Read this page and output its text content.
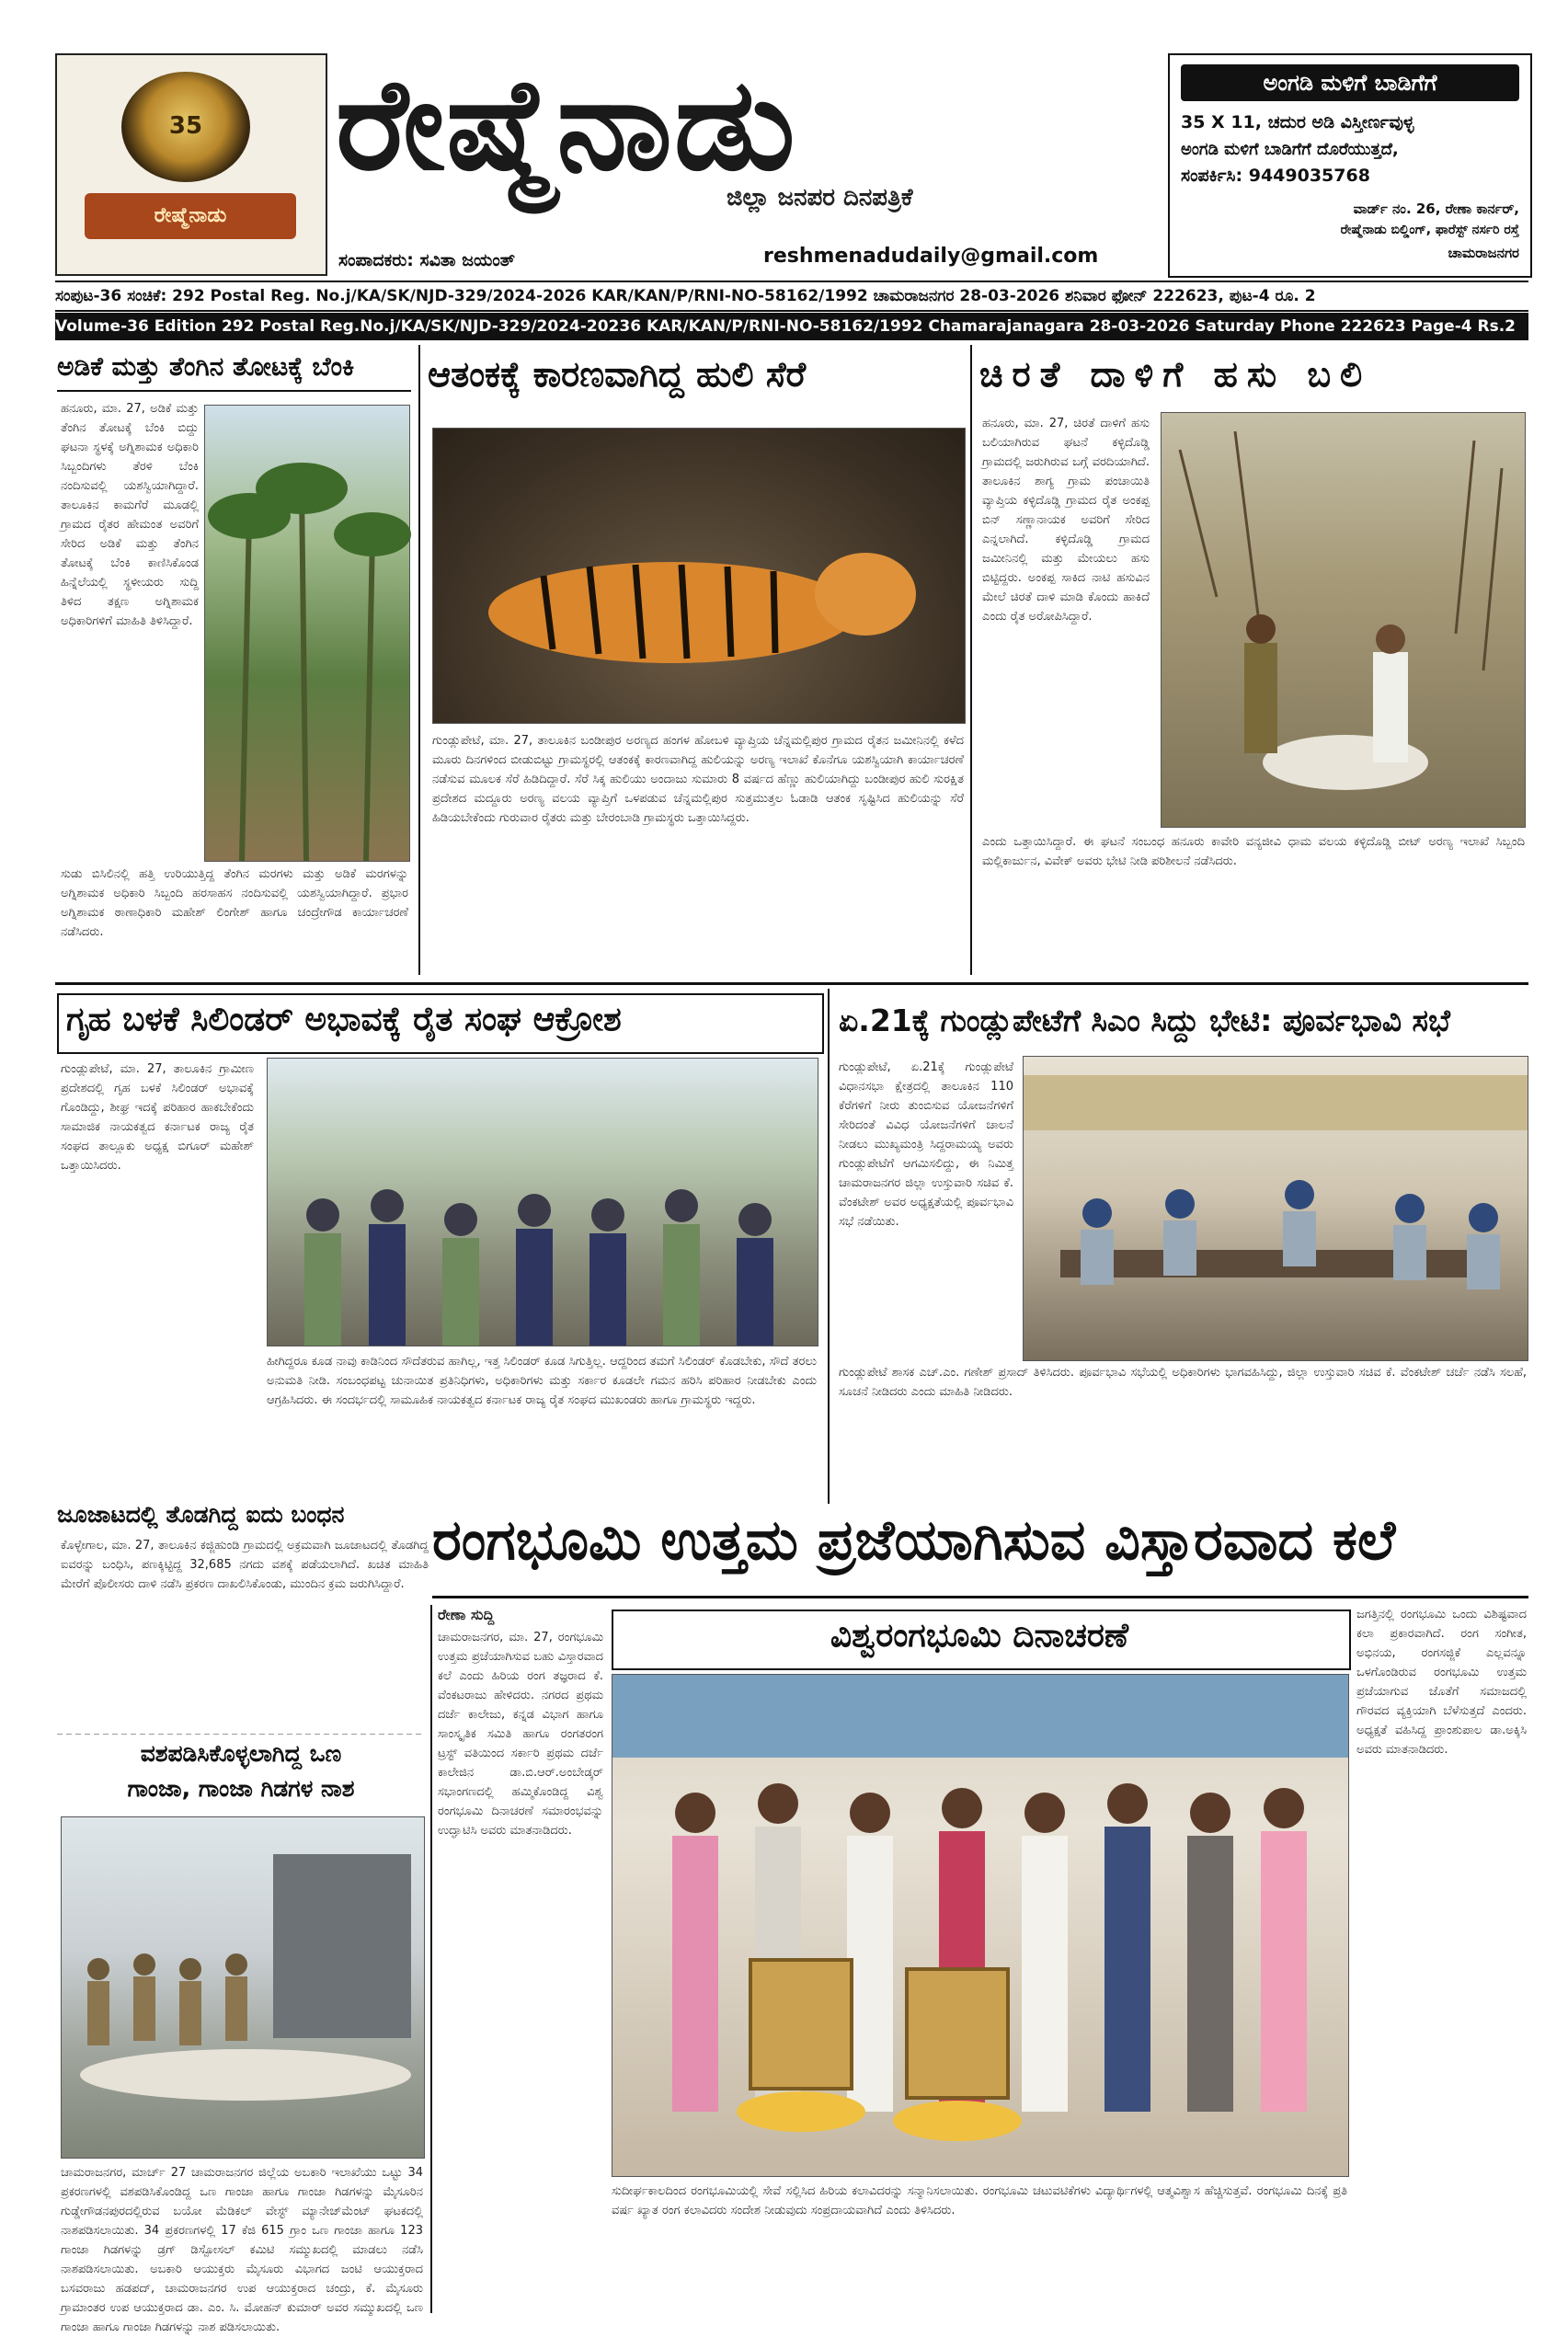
35
ರೇಷ್ಮೆನಾಡು
ರೇಷ್ಮೆನಾಡು
ಜಿಲ್ಲಾ ಜನಪರ ದಿನಪತ್ರಿಕೆ
ಸಂಪಾದಕರು: ಸವಿತಾ ಜಯಂತ್	reshmenadudaily@gmail.com
ಅಂಗಡಿ ಮಳಿಗೆ ಬಾಡಿಗೆಗೆ
35 X 11, ಚದುರ ಅಡಿ ವಿಸ್ತೀರ್ಣವುಳ್ಳ
ಅಂಗಡಿ ಮಳಿಗೆ ಬಾಡಿಗೆಗೆ ದೊರೆಯುತ್ತದೆ,
ಸಂಪರ್ಕಿಸಿ: 9449035768
ವಾರ್ಡ್ ನಂ. 26, ರೇಣಾ ಕಾರ್ನರ್,
ರೇಷ್ಮೆನಾಡು ಬಿಲ್ಡಿಂಗ್, ಫಾರೆಸ್ಟ್ ನರ್ಸರಿ ರಸ್ತೆ
ಚಾಮರಾಜನಗರ
ಸಂಪುಟ-36 ಸಂಚಿಕೆ: 292 Postal Reg. No.j/KA/SK/NJD-329/2024-2026 KAR/KAN/P/RNI-NO-58162/1992 ಚಾಮರಾಜನಗರ 28-03-2026 ಶನಿವಾರ ಫೋನ್ 222623, ಪುಟ-4 ರೂ. 2
Volume-36 Edition 292 Postal Reg.No.j/KA/SK/NJD-329/2024-20236 KAR/KAN/P/RNI-NO-58162/1992 Chamarajanagara 28-03-2026 Saturday Phone 222623 Page-4 Rs.2
ಅಡಿಕೆ ಮತ್ತು ತೆಂಗಿನ ತೋಟಕ್ಕೆ ಬೆಂಕಿ
ಹನೂರು, ಮಾ. 27, ಅಡಿಕೆ ಮತ್ತು ತೆಂಗಿನ ತೋಟಕ್ಕೆ ಬೆಂಕಿ ಬಿದ್ದು ಘಟನಾ ಸ್ಥಳಕ್ಕೆ ಅಗ್ನಿಶಾಮಕ ಅಧಿಕಾರಿ ಸಿಬ್ಬಂದಿಗಳು ತೆರಳಿ ಬೆಂಕಿ ನಂದಿಸುವಲ್ಲಿ ಯಶಸ್ವಿಯಾಗಿದ್ದಾರೆ. ತಾಲೂಕಿನ ಕಾಮಗೆರೆ ಮೂಡಲ್ಲಿ ಗ್ರಾಮದ ರೈತರ ಹೇಮಂತ ಅವರಿಗೆ ಸೇರಿದ ಅಡಿಕೆ ಮತ್ತು ತೆಂಗಿನ ತೋಟಕ್ಕೆ ಬೆಂಕಿ ಕಾಣಿಸಿಕೊಂಡ ಹಿನ್ನೆಲೆಯಲ್ಲಿ ಸ್ಥಳೀಯರು ಸುದ್ದಿ ತಿಳಿದ ತಕ್ಷಣ ಅಗ್ನಿಶಾಮಕ ಅಧಿಕಾರಿಗಳಿಗೆ ಮಾಹಿತಿ ತಿಳಿಸಿದ್ದಾರೆ.
ಸುಡು ಬಿಸಿಲಿನಲ್ಲಿ ಹತ್ತಿ ಉರಿಯುತ್ತಿದ್ದ ತೆಂಗಿನ ಮರಗಳು ಮತ್ತು ಅಡಿಕೆ ಮರಗಳನ್ನು ಅಗ್ನಿಶಾಮಕ ಅಧಿಕಾರಿ ಸಿಬ್ಬಂದಿ ಹರಸಾಹಸ ನಂದಿಸುವಲ್ಲಿ ಯಶಸ್ವಿಯಾಗಿದ್ದಾರೆ. ಪ್ರಭಾರ ಅಗ್ನಿಶಾಮಕ ಠಾಣಾಧಿಕಾರಿ ಮಹೇಶ್ ಲಿಂಗೇಶ್ ಹಾಗೂ ಚಂದ್ರೇಗೌಡ ಕಾರ್ಯಾಚರಣೆ ನಡೆಸಿದರು.
ಆತಂಕಕ್ಕೆ ಕಾರಣವಾಗಿದ್ದ ಹುಲಿ ಸೆರೆ
ಗುಂಡ್ಲುಪೇಟೆ, ಮಾ. 27, ತಾಲೂಕಿನ ಬಂಡೀಪುರ ಅರಣ್ಯದ ಹಂಗಳ ಹೋಬಳಿ ವ್ಯಾಪ್ತಿಯ ಚೆನ್ನಮಲ್ಲಿಪುರ ಗ್ರಾಮದ ರೈತನ ಜಮೀನಿನಲ್ಲಿ ಕಳೆದ ಮೂರು ದಿನಗಳಿಂದ ಬೀಡುಬಿಟ್ಟು ಗ್ರಾಮಸ್ಥರಲ್ಲಿ ಆತಂಕಕ್ಕೆ ಕಾರಣವಾಗಿದ್ದ ಹುಲಿಯನ್ನು ಅರಣ್ಯ ಇಲಾಖೆ ಕೊನೆಗೂ ಯಶಸ್ವಿಯಾಗಿ ಕಾರ್ಯಾಚರಣೆ ನಡೆಸುವ ಮೂಲಕ ಸೆರೆ ಹಿಡಿದಿದ್ದಾರೆ. ಸೆರೆ ಸಿಕ್ಕ ಹುಲಿಯು ಅಂದಾಜು ಸುಮಾರು 8 ವರ್ಷದ ಹೆಣ್ಣು ಹುಲಿಯಾಗಿದ್ದು ಬಂಡೀಪುರ ಹುಲಿ ಸುರಕ್ಷಿತ ಪ್ರದೇಶದ ಮದ್ದೂರು ಅರಣ್ಯ ವಲಯ ವ್ಯಾಪ್ತಿಗೆ ಒಳಪಡುವ ಚೆನ್ನಮಲ್ಲಿಪುರ ಸುತ್ತಮುತ್ತಲ ಓಡಾಡಿ ಆತಂಕ ಸೃಷ್ಟಿಸಿದ ಹುಲಿಯನ್ನು ಸೆರೆ ಹಿಡಿಯಬೇಕೆಂದು ಗುರುವಾರ ರೈತರು ಮತ್ತು ಬೇರಂಬಾಡಿ ಗ್ರಾಮಸ್ಥರು ಒತ್ತಾಯಿಸಿದ್ದರು.
ಚಿರತೆ ದಾಳಿಗೆ ಹಸು ಬಲಿ
ಹನೂರು, ಮಾ. 27, ಚಿರತೆ ದಾಳಿಗೆ ಹಸು ಬಲಿಯಾಗಿರುವ ಘಟನೆ ಕಳ್ಳಿದೊಡ್ಡಿ ಗ್ರಾಮದಲ್ಲಿ ಜರುಗಿರುವ ಬಗ್ಗೆ ವರದಿಯಾಗಿದೆ. ತಾಲೂಕಿನ ಶಾಗ್ಯ ಗ್ರಾಮ ಪಂಚಾಯಿತಿ ವ್ಯಾಪ್ತಿಯ ಕಳ್ಳಿದೊಡ್ಡಿ ಗ್ರಾಮದ ರೈತ ಅಂಕಪ್ಪ ಬಿನ್ ಸಣ್ಣಾನಾಯಕ ಅವರಿಗೆ ಸೇರಿದ ಎನ್ನಲಾಗಿದೆ. ಕಳ್ಳಿದೊಡ್ಡಿ ಗ್ರಾಮದ ಜಮೀನಿನಲ್ಲಿ ಮತ್ತು ಮೇಯಲು ಹಸು ಬಿಟ್ಟಿದ್ದರು. ಅಂಕಪ್ಪ ಸಾಕಿದ ನಾಟಿ ಹಸುವಿನ ಮೇಲೆ ಚಿರತೆ ದಾಳಿ ಮಾಡಿ ಕೊಂದು ಹಾಕಿದೆ ಎಂದು ರೈತ ಅರೋಪಿಸಿದ್ದಾರೆ.
ಎಂದು ಒತ್ತಾಯಿಸಿದ್ದಾರೆ. ಈ ಘಟನೆ ಸಂಬಂಧ ಹನೂರು ಕಾವೇರಿ ವನ್ಯಜೀವಿ ಧಾಮ ವಲಯ ಕಳ್ಳಿದೊಡ್ಡಿ ಬೀಟ್ ಅರಣ್ಯ ಇಲಾಖೆ ಸಿಬ್ಬಂದಿ ಮಲ್ಲಿಕಾರ್ಜುನ, ವಿವೇಕ್ ಅವರು ಭೇಟಿ ನೀಡಿ ಪರಿಶೀಲನೆ ನಡೆಸಿದರು.
ಗೃಹ ಬಳಕೆ ಸಿಲಿಂಡರ್ ಅಭಾವಕ್ಕೆ ರೈತ ಸಂಘ ಆಕ್ರೋಶ
ಗುಂಡ್ಲುಪೇಟೆ, ಮಾ. 27, ತಾಲೂಕಿನ ಗ್ರಾಮೀಣ ಪ್ರದೇಶದಲ್ಲಿ ಗೃಹ ಬಳಕೆ ಸಿಲಿಂಡರ್ ಅಭಾವಕ್ಕೆ ಗೊಂಡಿದ್ದು, ಶೀಘ್ರ ಇದಕ್ಕೆ ಪರಿಹಾರ ಹಾಕಬೇಕೆಂದು ಸಾಮಾಜಿಕ ನಾಯಕತ್ವದ ಕರ್ನಾಟಕ ರಾಜ್ಯ ರೈತ ಸಂಘದ ತಾಲ್ಲೂಕು ಅಧ್ಯಕ್ಷ ಬಿಗೂರ್ ಮಹೇಶ್ ಒತ್ತಾಯಿಸಿದರು.
ಹೀಗಿದ್ದರೂ ಕೂಡ ನಾವು ಕಾಡಿನಿಂದ ಸೌದೆತರುವ ಹಾಗಿಲ್ಲ, ಇತ್ತ ಸಿಲಿಂಡರ್ ಕೂಡ ಸಿಗುತ್ತಿಲ್ಲ. ಆದ್ದರಿಂದ ತಮಗೆ ಸಿಲಿಂಡರ್ ಕೊಡಬೇಕು, ಸೌದೆ ತರಲು ಅನುಮತಿ ನೀಡಿ. ಸಂಬಂಧಪಟ್ಟ ಚುನಾಯಿತ ಪ್ರತಿನಿಧಿಗಳು, ಅಧಿಕಾರಿಗಳು ಮತ್ತು ಸರ್ಕಾರ ಕೂಡಲೇ ಗಮನ ಹರಿಸಿ ಪರಿಹಾರ ನೀಡಬೇಕು ಎಂದು ಆಗ್ರಹಿಸಿದರು. ಈ ಸಂದರ್ಭದಲ್ಲಿ ಸಾಮೂಹಿಕ ನಾಯಕತ್ವದ ಕರ್ನಾಟಕ ರಾಜ್ಯ ರೈತ ಸಂಘದ ಮುಖಂಡರು ಹಾಗೂ ಗ್ರಾಮಸ್ಥರು ಇದ್ದರು.
ಜೂಜಾಟದಲ್ಲಿ ತೊಡಗಿದ್ದ ಐದು ಬಂಧನ
ಕೊಳ್ಳೇಗಾಲ, ಮಾ. 27, ತಾಲೂಕಿನ ಕಜ್ಜಿಹುಂಡಿ ಗ್ರಾಮದಲ್ಲಿ ಅಕ್ರಮವಾಗಿ ಜೂಜಾಟದಲ್ಲಿ ತೊಡಗಿದ್ದ ಐವರನ್ನು ಬಂಧಿಸಿ, ಪಣಕ್ಕಿಟ್ಟಿದ್ದ 32,685 ನಗದು ವಶಕ್ಕೆ ಪಡೆಯಲಾಗಿದೆ. ಖಚಿತ ಮಾಹಿತಿ ಮೇರೆಗೆ ಪೊಲೀಸರು ದಾಳಿ ನಡೆಸಿ ಪ್ರಕರಣ ದಾಖಲಿಸಿಕೊಂಡು, ಮುಂದಿನ ಕ್ರಮ ಜರುಗಿಸಿದ್ದಾರೆ.
ಏ.21ಕ್ಕೆ ಗುಂಡ್ಲುಪೇಟೆಗೆ ಸಿಎಂ ಸಿದ್ದು ಭೇಟಿ: ಪೂರ್ವಭಾವಿ ಸಭೆ
ಗುಂಡ್ಲುಪೇಟೆ, ಏ.21ಕ್ಕೆ ಗುಂಡ್ಲುಪೇಟೆ ವಿಧಾನಸಭಾ ಕ್ಷೇತ್ರದಲ್ಲಿ ತಾಲೂಕಿನ 110 ಕೆರೆಗಳಿಗೆ ನೀರು ತುಂಬಿಸುವ ಯೋಜನೆಗಳಿಗೆ ಸೇರಿದಂತೆ ವಿವಿಧ ಯೋಜನೆಗಳಿಗೆ ಚಾಲನೆ ನೀಡಲು ಮುಖ್ಯಮಂತ್ರಿ ಸಿದ್ದರಾಮಯ್ಯ ಅವರು ಗುಂಡ್ಲುಪೇಟೆಗೆ ಆಗಮಿಸಲಿದ್ದು, ಈ ನಿಮಿತ್ತ ಚಾಮರಾಜನಗರ ಜಿಲ್ಲಾ ಉಸ್ತುವಾರಿ ಸಚಿವ ಕೆ. ವೆಂಕಟೇಶ್ ಅವರ ಅಧ್ಯಕ್ಷತೆಯಲ್ಲಿ ಪೂರ್ವಭಾವಿ ಸಭೆ ನಡೆಯಿತು.
ಗುಂಡ್ಲುಪೇಟೆ ಶಾಸಕ ಎಚ್.ಎಂ. ಗಣೇಶ್ ಪ್ರಸಾದ್ ತಿಳಿಸಿದರು. ಪೂರ್ವಭಾವಿ ಸಭೆಯಲ್ಲಿ ಅಧಿಕಾರಿಗಳು ಭಾಗವಹಿಸಿದ್ದು, ಜಿಲ್ಲಾ ಉಸ್ತುವಾರಿ ಸಚಿವ ಕೆ. ವೆಂಕಟೇಶ್ ಚರ್ಚೆ ನಡೆಸಿ ಸಲಹೆ, ಸೂಚನೆ ನೀಡಿದರು ಎಂದು ಮಾಹಿತಿ ನೀಡಿದರು.
ರಂಗಭೂಮಿ ಉತ್ತಮ ಪ್ರಜೆಯಾಗಿಸುವ ವಿಸ್ತಾರವಾದ ಕಲೆ
ವಶಪಡಿಸಿಕೊಳ್ಳಲಾಗಿದ್ದ ಒಣ
ಗಾಂಜಾ, ಗಾಂಜಾ ಗಿಡಗಳ ನಾಶ
ಚಾಮರಾಜನಗರ, ಮಾರ್ಚ್ 27 ಚಾಮರಾಜನಗರ ಜಿಲ್ಲೆಯ ಅಬಕಾರಿ ಇಲಾಖೆಯು ಒಟ್ಟು 34 ಪ್ರಕರಣಗಳಲ್ಲಿ ವಶಪಡಿಸಿಕೊಂಡಿದ್ದ ಒಣ ಗಾಂಜಾ ಹಾಗೂ ಗಾಂಜಾ ಗಿಡಗಳನ್ನು ಮೈಸೂರಿನ ಗುಡ್ಡೇಗೌಡನಪುರದಲ್ಲಿರುವ ಬಯೋ ಮೆಡಿಕಲ್ ವೇಸ್ಟ್ ಮ್ಯಾನೇಜ್‌ಮೆಂಟ್ ಘಟಕದಲ್ಲಿ ನಾಶಪಡಿಸಲಾಯಿತು. 34 ಪ್ರಕರಣಗಳಲ್ಲಿ 17 ಕೆಜಿ 615 ಗ್ರಾಂ ಒಣ ಗಾಂಜಾ ಹಾಗೂ 123 ಗಾಂಜಾ ಗಿಡಗಳನ್ನು ಡ್ರಗ್ ಡಿಸ್ಪೋಸಲ್ ಕಮಿಟಿ ಸಮ್ಮುಖದಲ್ಲಿ ಮಾಡಲು ನಡೆಸಿ ನಾಶಪಡಿಸಲಾಯಿತು. ಅಬಕಾರಿ ಆಯುಕ್ತರು ಮೈಸೂರು ವಿಭಾಗದ ಜಂಟಿ ಆಯುಕ್ತರಾದ ಬಸವರಾಜು ಹಡಪದ್, ಚಾಮರಾಜನಗರ ಉಪ ಆಯುಕ್ತರಾದ ಚಂದ್ರು, ಕೆ. ಮೈಸೂರು ಗ್ರಾಮಾಂತರ ಉಪ ಆಯುಕ್ತರಾದ ಡಾ. ಎಂ. ಸಿ. ಮೋಹನ್ ಕುಮಾರ್ ಅವರ ಸಮ್ಮುಖದಲ್ಲಿ ಒಣ ಗಾಂಜಾ ಹಾಗೂ ಗಾಂಜಾ ಗಿಡಗಳನ್ನು ನಾಶ ಪಡಿಸಲಾಯಿತು.
ರೇಣಾ ಸುದ್ದಿ
ಚಾಮರಾಜನಗರ, ಮಾ. 27, ರಂಗಭೂಮಿ ಉತ್ತಮ ಪ್ರಜೆಯಾಗಿಸುವ ಬಹು ವಿಸ್ತಾರವಾದ ಕಲೆ ಎಂದು ಹಿರಿಯ ರಂಗ ತಜ್ಞರಾದ ಕೆ. ವೆಂಕಟರಾಜು ಹೇಳಿದರು. ನಗರದ ಪ್ರಥಮ ದರ್ಜೆ ಕಾಲೇಜು, ಕನ್ನಡ ವಿಭಾಗ ಹಾಗೂ ಸಾಂಸ್ಕೃತಿಕ ಸಮಿತಿ ಹಾಗೂ ರಂಗತರಂಗ ಟ್ರಸ್ಟ್ ವತಿಯಿಂದ ಸರ್ಕಾರಿ ಪ್ರಥಮ ದರ್ಜೆ ಕಾಲೇಜಿನ ಡಾ.ಬಿ.ಆರ್.ಅಂಬೇಡ್ಕರ್ ಸಭಾಂಗಣದಲ್ಲಿ ಹಮ್ಮಿಕೊಂಡಿದ್ದ ವಿಶ್ವ ರಂಗಭೂಮಿ ದಿನಾಚರಣೆ ಸಮಾರಂಭವನ್ನು ಉದ್ಘಾಟಿಸಿ ಅವರು ಮಾತನಾಡಿದರು.
ವಿಶ್ವರಂಗಭೂಮಿ ದಿನಾಚರಣೆ
ಸುದೀರ್ಘಕಾಲದಿಂದ ರಂಗಭೂಮಿಯಲ್ಲಿ ಸೇವೆ ಸಲ್ಲಿಸಿದ ಹಿರಿಯ ಕಲಾವಿದರನ್ನು ಸನ್ಮಾನಿಸಲಾಯಿತು. ರಂಗಭೂಮಿ ಚಟುವಟಿಕೆಗಳು ವಿದ್ಯಾರ್ಥಿಗಳಲ್ಲಿ ಆತ್ಮವಿಶ್ವಾಸ ಹೆಚ್ಚಿಸುತ್ತವೆ. ರಂಗಭೂಮಿ ದಿನಕ್ಕೆ ಪ್ರತಿ ವರ್ಷ ಖ್ಯಾತ ರಂಗ ಕಲಾವಿದರು ಸಂದೇಶ ನೀಡುವುದು ಸಂಪ್ರದಾಯವಾಗಿದೆ ಎಂದು ತಿಳಿಸಿದರು.
ಜಗತ್ತಿನಲ್ಲಿ ರಂಗಭೂಮಿ ಒಂದು ವಿಶಿಷ್ಟವಾದ ಕಲಾ ಪ್ರಕಾರವಾಗಿದೆ. ರಂಗ ಸಂಗೀತ, ಅಭಿನಯ, ರಂಗಸಜ್ಜಿಕೆ ಎಲ್ಲವನ್ನೂ ಒಳಗೊಂಡಿರುವ ರಂಗಭೂಮಿ ಉತ್ತಮ ಪ್ರಜೆಯಾಗುವ ಜೊತೆಗೆ ಸಮಾಜದಲ್ಲಿ ಗೌರವದ ವ್ಯಕ್ತಿಯಾಗಿ ಬೆಳೆಸುತ್ತದೆ ಎಂದರು. ಅಧ್ಯಕ್ಷತೆ ವಹಿಸಿದ್ದ ಪ್ರಾಂಶುಪಾಲ ಡಾ.ಅಕ್ಕಿಸಿ ಅವರು ಮಾತನಾಡಿದರು.
